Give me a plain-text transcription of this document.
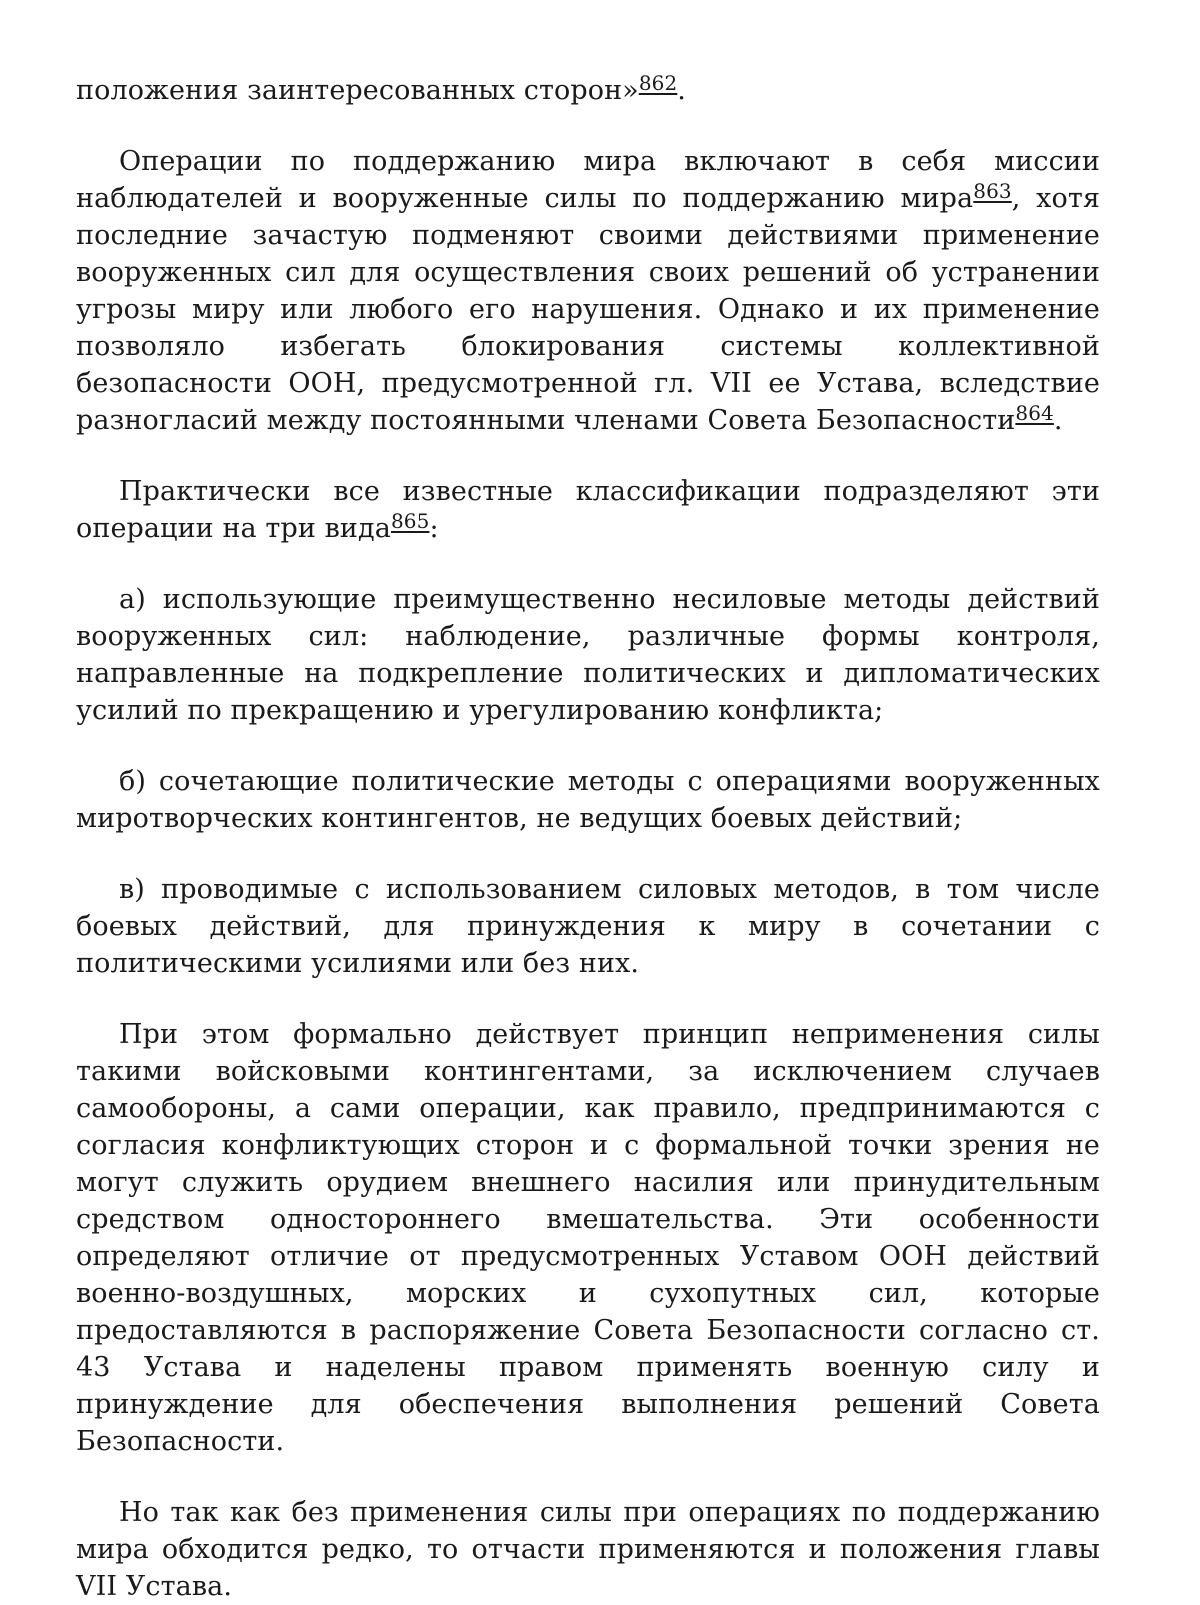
положения заинтересованных сторон»$^{862}$.

Операции по поддержанию мира включают в себя миссии наблюдателей и вооруженные силы по поддержанию мира$^{863}$, хотя последние зачастую подменяют своими действиями применение вооруженных сил для осуществления своих решений об устранении угрозы миру или любого его нарушения. Однако и их применение позволяло избегать блокирования системы коллективной безопасности ООН, предусмотренной гл. VII ее Устава, вследствие разногласий между постоянными членами Совета Безопасности$^{864}$.

Практически все известные классификации подразделяют эти операции на три вида$^{865}$:

а) использующие преимущественно несиловые методы действий вооруженных сил: наблюдение, различные формы контроля, направленные на подкрепление политических и дипломатических усилий по прекращению и урегулированию конфликта;

б) сочетающие политические методы с операциями вооруженных миротворческих контингентов, не ведущих боевых действий;

в) проводимые с использованием силовых методов, в том числе боевых действий, для принуждения к миру в сочетании с политическими усилиями или без них.

При этом формально действует принцип неприменения силы такими войсковыми контингентами, за исключением случаев самообороны, а сами операции, как правило, предпринимаются с согласия конфликтующих сторон и с формальной точки зрения не могут служить орудием внешнего насилия или принудительным средством одностороннего вмешательства. Эти особенности определяют отличие от предусмотренных Уставом ООН действий военно-воздушных, морских и сухопутных сил, которые предоставляются в распоряжение Совета Безопасности согласно ст. 43 Устава и наделены правом применять военную силу и принуждение для обеспечения выполнения решений Совета Безопасности.

Но так как без применения силы при операциях по поддержанию мира обходится редко, то отчасти применяются и положения главы VII Устава.
